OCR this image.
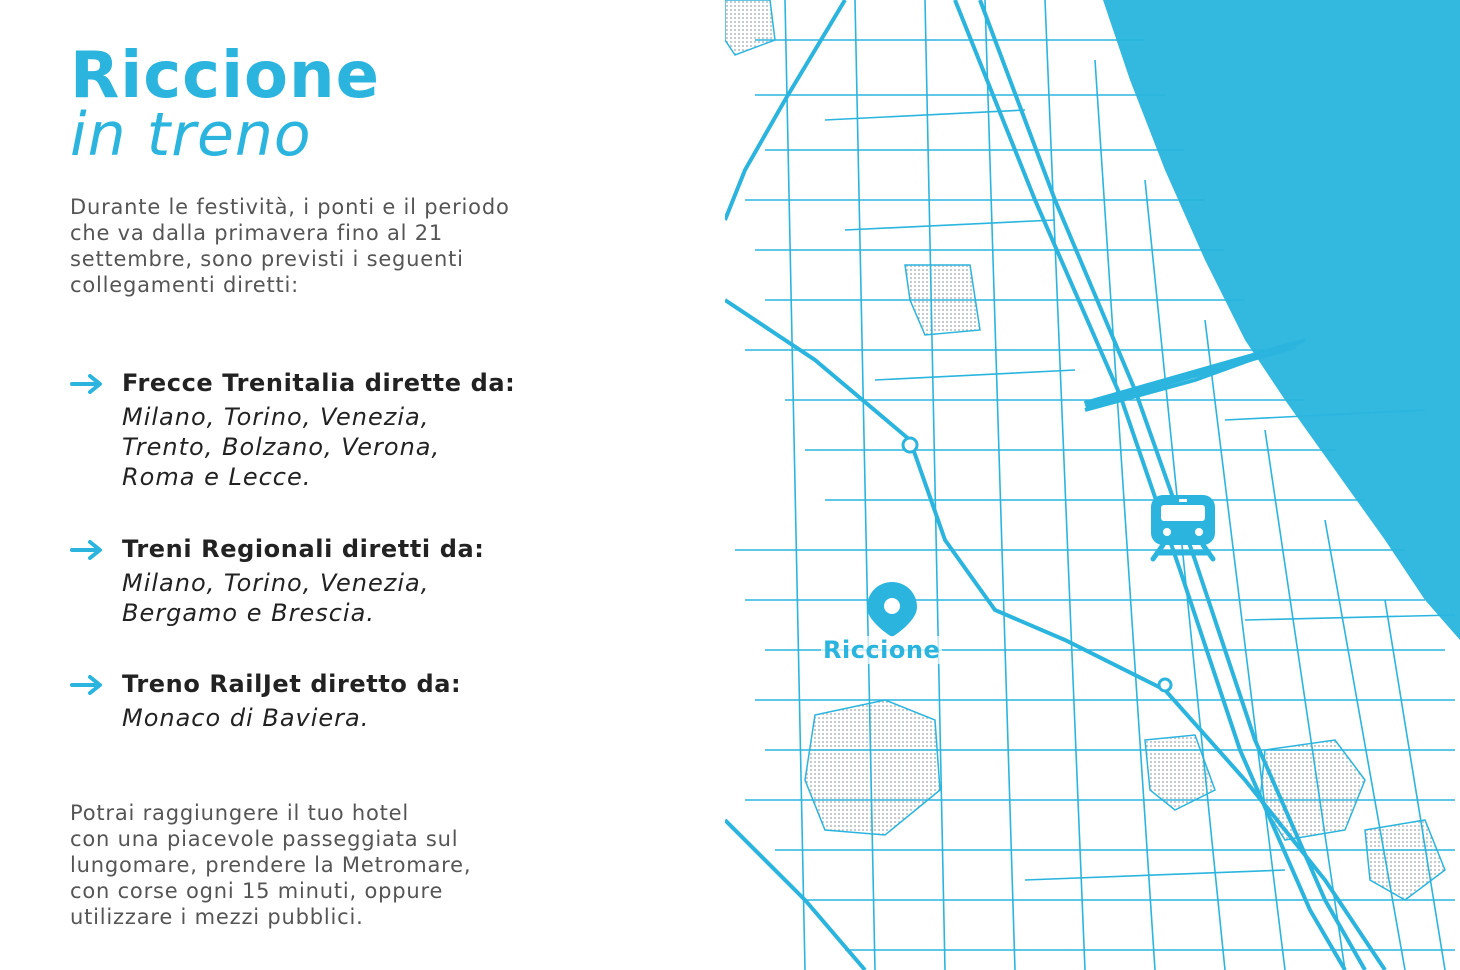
Riccione
in treno
Durante le festività, i ponti e il periodo
che va dalla primavera fino al 21
settembre, sono previsti i seguenti
collegamenti diretti:
Frecce Trenitalia dirette da:
Milano, Torino, Venezia,
Trento, Bolzano, Verona,
Roma e Lecce.
Treni Regionali diretti da:
Milano, Torino, Venezia,
Bergamo e Brescia.
Treno RailJet diretto da:
Monaco di Baviera.
Potrai raggiungere il tuo hotel
con una piacevole passeggiata sul
lungomare, prendere la Metromare,
con corse ogni 15 minuti, oppure
utilizzare i mezzi pubblici.
Riccione
